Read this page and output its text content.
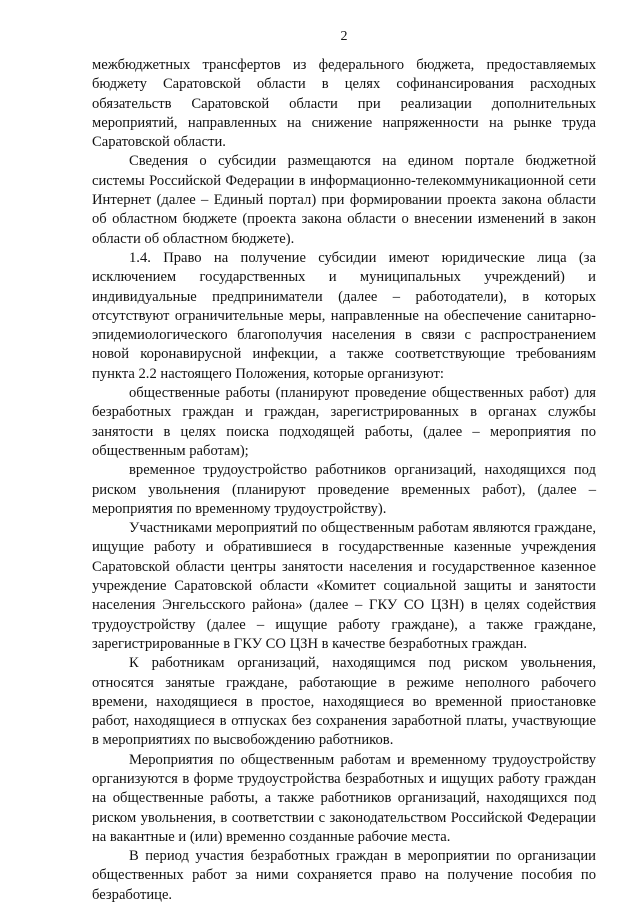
2

межбюджетных трансфертов из федерального бюджета, предоставляемых бюджету Саратовской области в целях софинансирования расходных обязательств Саратовской области при реализации дополнительных мероприятий, направленных на снижение напряженности на рынке труда Саратовской области.

Сведения о субсидии размещаются на едином портале бюджетной системы Российской Федерации в информационно-телекоммуникационной сети Интернет (далее – Единый портал) при формировании проекта закона области об областном бюджете (проекта закона области о внесении изменений в закон области об областном бюджете).

1.4. Право на получение субсидии имеют юридические лица (за исключением государственных и муниципальных учреждений) и индивидуальные предприниматели (далее – работодатели), в которых отсутствуют ограничительные меры, направленные на обеспечение санитарно-эпидемиологического благополучия населения в связи с распространением новой коронавирусной инфекции, а также соответствующие требованиям пункта 2.2 настоящего Положения, которые организуют:

общественные работы (планируют проведение общественных работ) для безработных граждан и граждан, зарегистрированных в органах службы занятости в целях поиска подходящей работы, (далее – мероприятия по общественным работам);

временное трудоустройство работников организаций, находящихся под риском увольнения (планируют проведение временных работ), (далее – мероприятия по временному трудоустройству).

Участниками мероприятий по общественным работам являются граждане, ищущие работу и обратившиеся в государственные казенные учреждения Саратовской области центры занятости населения и государственное казенное учреждение Саратовской области «Комитет социальной защиты и занятости населения Энгельсского района» (далее – ГКУ СО ЦЗН) в целях содействия трудоустройству (далее – ищущие работу граждане), а также граждане, зарегистрированные в ГКУ СО ЦЗН в качестве безработных граждан.

К работникам организаций, находящимся под риском увольнения, относятся занятые граждане, работающие в режиме неполного рабочего времени, находящиеся в простое, находящиеся во временной приостановке работ, находящиеся в отпусках без сохранения заработной платы, участвующие в мероприятиях по высвобождению работников.

Мероприятия по общественным работам и временному трудоустройству организуются в форме трудоустройства безработных и ищущих работу граждан на общественные работы, а также работников организаций, находящихся под риском увольнения, в соответствии с законодательством Российской Федерации на вакантные и (или) временно созданные рабочие места.

В период участия безработных граждан в мероприятии по организации общественных работ за ними сохраняется право на получение пособия по безработице.
